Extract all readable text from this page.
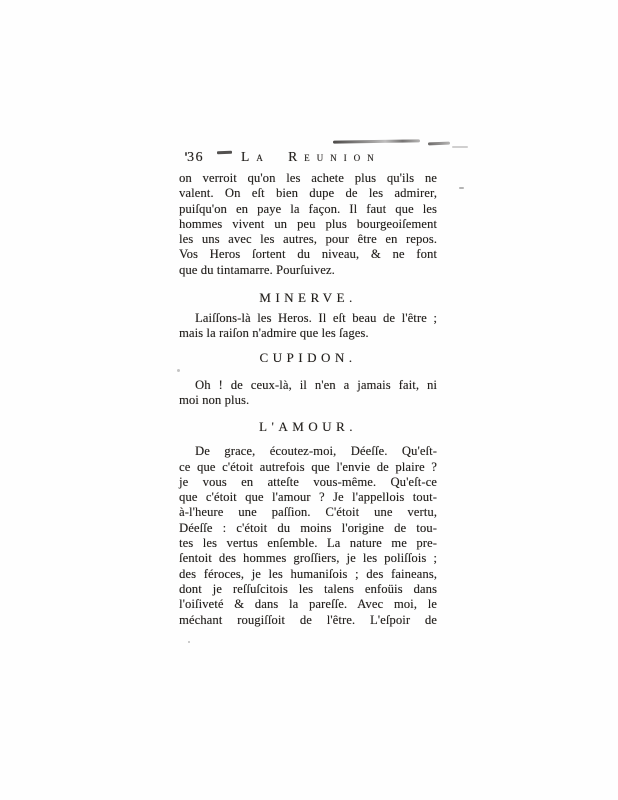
36	La Reunion
on verroit qu'on les achete plus qu'ils ne
valent. On eſt bien dupe de les admirer,
puiſqu'on en paye la façon. Il faut que les
hommes vivent un peu plus bourgeoiſement
les uns avec les autres, pour être en repos.
Vos Heros ſortent du niveau, & ne font
que du tintamarre. Pourſuivez.
MINERVE.
Laiſſons-là les Heros. Il eſt beau de l'être ;
mais la raiſon n'admire que les ſages.
CUPIDON.
Oh ! de ceux-là, il n'en a jamais fait, ni
moi non plus.
L'AMOUR.
De grace, écoutez-moi, Déeſſe. Qu'eſt-
ce que c'étoit autrefois que l'envie de plaire ?
je vous en atteſte vous-même. Qu'eſt-ce
que c'étoit que l'amour ? Je l'appellois tout-
à-l'heure une paſſion. C'étoit une vertu,
Déeſſe : c'étoit du moins l'origine de tou-
tes les vertus enſemble. La nature me pre-
ſentoit des hommes groſſiers, je les poliſſois ;
des féroces, je les humaniſois ; des faineans,
dont je reſſuſcitois les talens enfoüis dans
l'oiſiveté & dans la pareſſe. Avec moi, le
méchant rougiſſoit de l'être. L'eſpoir de
